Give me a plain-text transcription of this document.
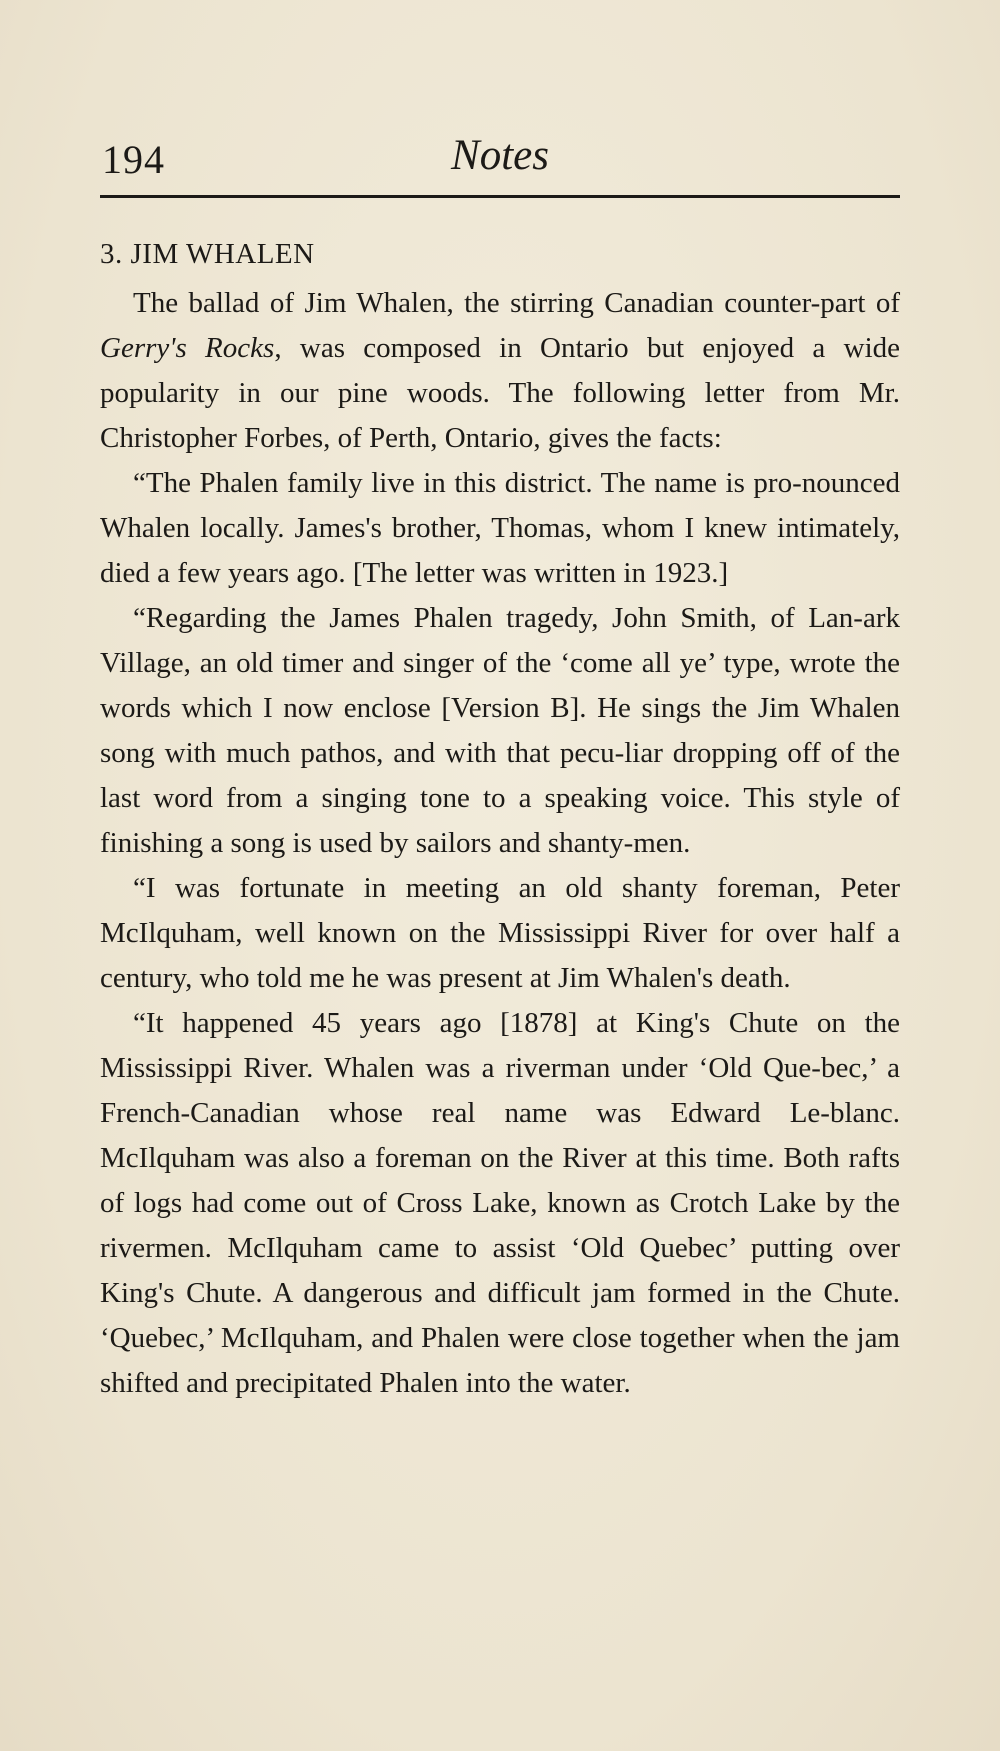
194	Notes
3. JIM WHALEN

The ballad of Jim Whalen, the stirring Canadian counter-part of Gerry's Rocks, was composed in Ontario but enjoyed a wide popularity in our pine woods. The following letter from Mr. Christopher Forbes, of Perth, Ontario, gives the facts:

“The Phalen family live in this district. The name is pro-nounced Whalen locally. James's brother, Thomas, whom I knew intimately, died a few years ago. [The letter was written in 1923.]

“Regarding the James Phalen tragedy, John Smith, of Lan-ark Village, an old timer and singer of the ‘come all ye’ type, wrote the words which I now enclose [Version B]. He sings the Jim Whalen song with much pathos, and with that pecu-liar dropping off of the last word from a singing tone to a speaking voice. This style of finishing a song is used by sailors and shanty-men.

“I was fortunate in meeting an old shanty foreman, Peter McIlquham, well known on the Mississippi River for over half a century, who told me he was present at Jim Whalen's death.

“It happened 45 years ago [1878] at King's Chute on the Mississippi River. Whalen was a riverman under ‘Old Que-bec,’ a French-Canadian whose real name was Edward Le-blanc. McIlquham was also a foreman on the River at this time. Both rafts of logs had come out of Cross Lake, known as Crotch Lake by the rivermen. McIlquham came to assist ‘Old Quebec’ putting over King's Chute. A dangerous and difficult jam formed in the Chute. ‘Quebec,’ McIlquham, and Phalen were close together when the jam shifted and precipitated Phalen into the water.
